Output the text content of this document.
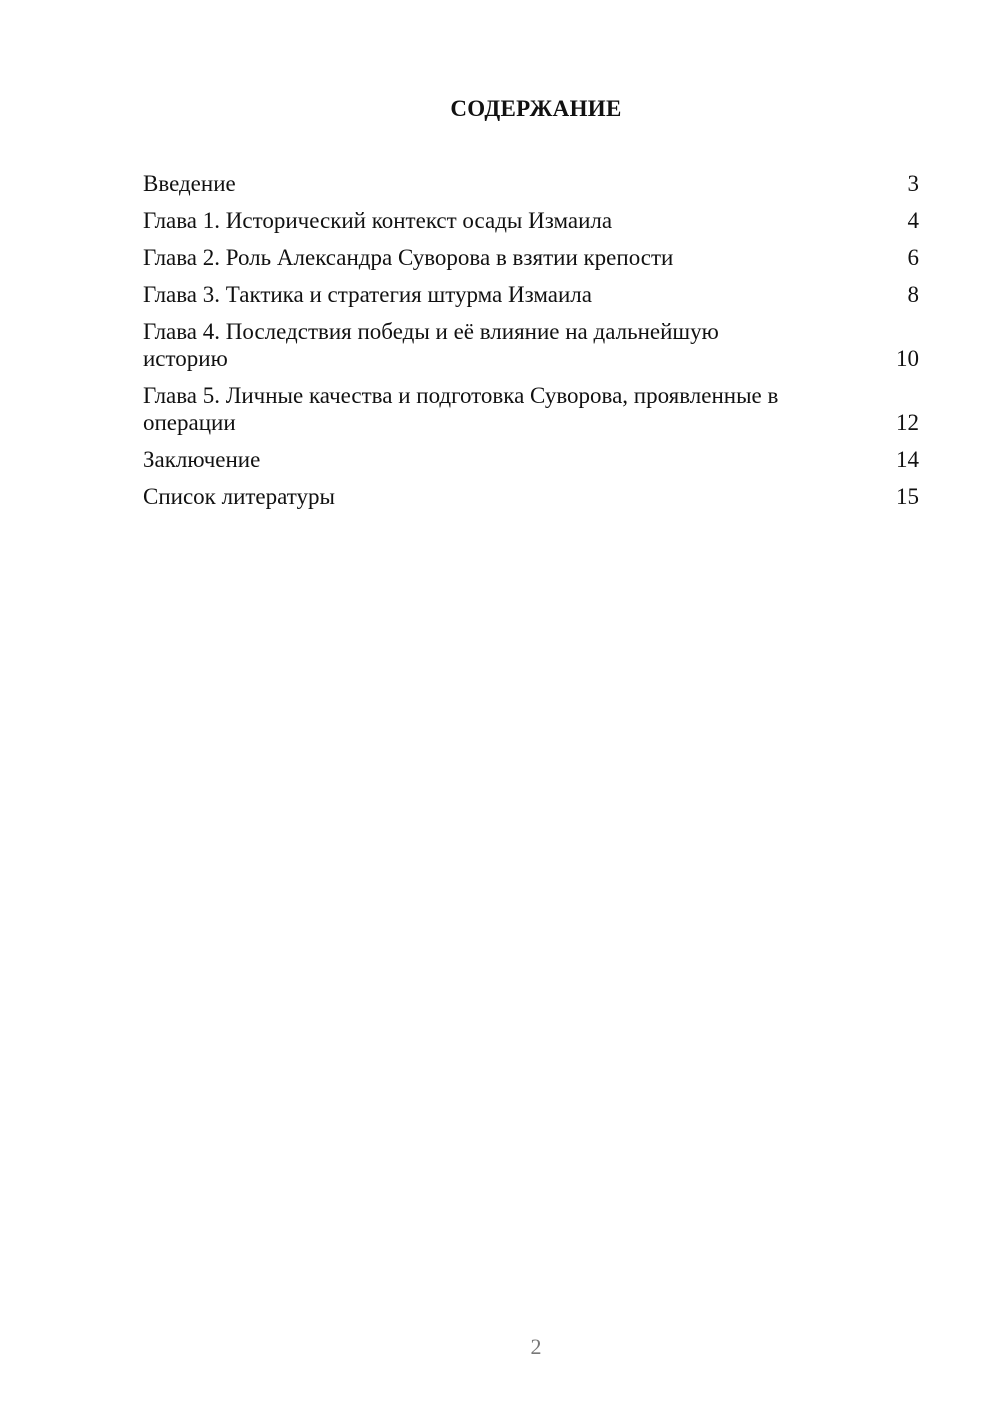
СОДЕРЖАНИЕ
Введение	3
Глава 1. Исторический контекст осады Измаила	4
Глава 2. Роль Александра Суворова в взятии крепости	6
Глава 3. Тактика и стратегия штурма Измаила	8
Глава 4. Последствия победы и её влияние на дальнейшую историю	10
Глава 5. Личные качества и подготовка Суворова, проявленные в операции	12
Заключение	14
Список литературы	15
2
